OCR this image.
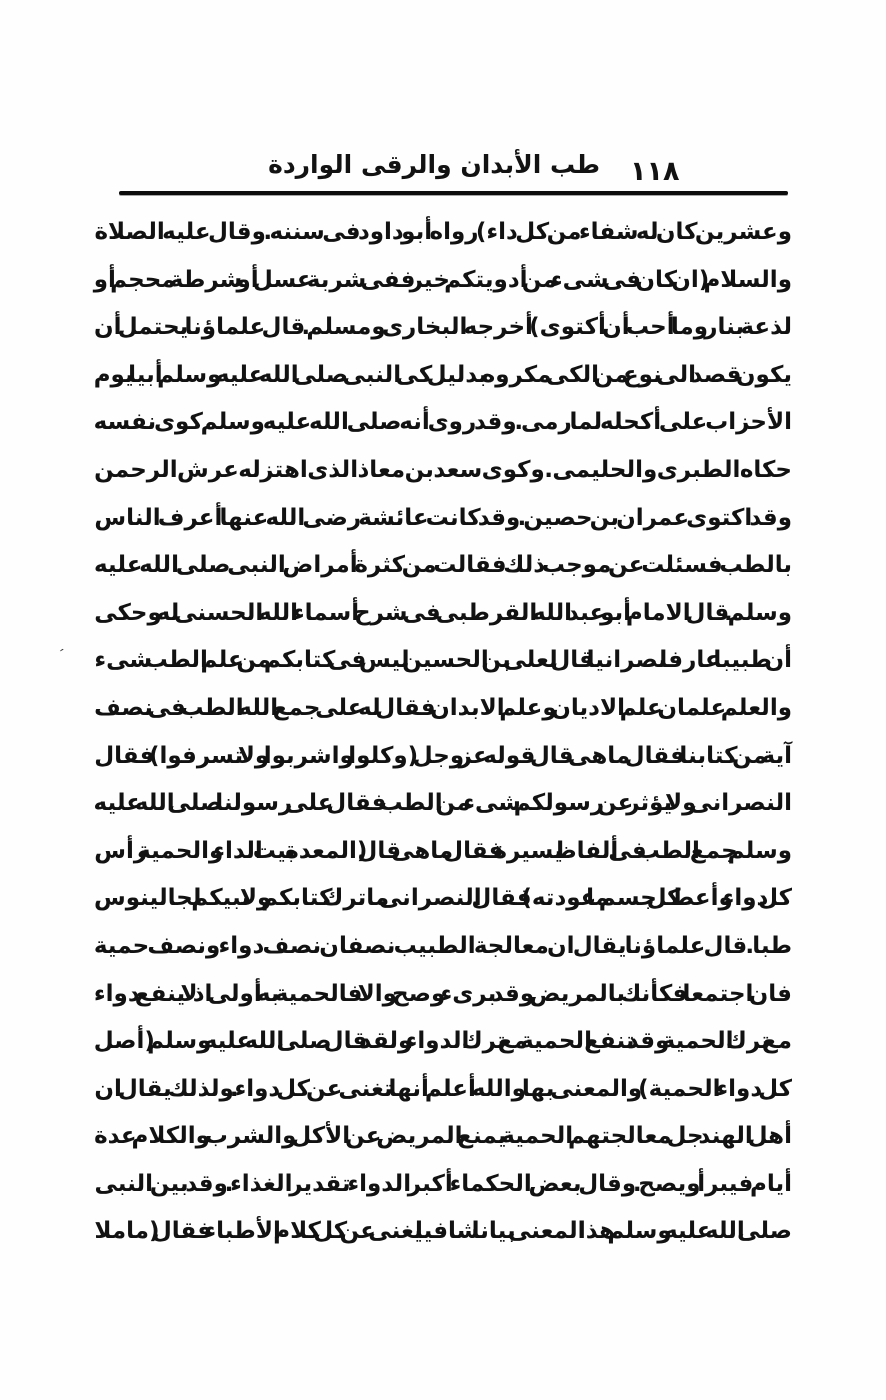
طب الأبدان والرقى الواردة ١١٨
′
وعشرين كان له شفاء من كل داء) رواه أبو داود فى سننه . وقال عليه الصلاة
والسلام (ان كان فى شىء من أدويتكم خير ففى شربة عسل أو شرطة محجم أو
لذعة بنار وما أحب أن أكتوى) أخرجه البخارى ومسلم . قال علماؤنا يحتمل أن
يكون قصد الى نوع من الكى مكروه بدليل كى النبى صلى الله عليه وسلم أبيا يوم
الأحزاب على أكحله لما رمى . وقد روى أنه صلى الله عليه وسلم كوى نفسه
حكاه الطبرى والحليمى . وكوى سعد بن معاذ الذى اهتز له عرش الرحمن
وقد اكتوى عمران بن حصين . وقد كانت عائشة رضى الله عنها أعرف الناس
بالطب فسئلت عن موجب ذلك فقالت من كثرة أمراض النبى صلى الله عليه
وسلم . قال الامام أبو عبد الله القرطبى فى شرح أسماء الله الحسنى له وحكى
أن طبيبا عارفا نصرانيا قال لعلى بن الحسين ليس فى كتابكم من علم الطب شىء
والعلم علمان علم الاديان وعلم الابدان فقال له على جمع الله الطب فى نصف
آية من كتابنا فقال ماهى قال قوله عز وجل (وكلوا واشربوا ولا تسرفوا) فقال
النصرانى ولا يؤثر عن رسولكم شىء من الطب فقال على رسولنا صلى الله عليه
وسلم جمع الطب فى ألفاظ يسيرة فقال ماهى قال (المعدة بيت الداء والحمية رأس
كل دواء وأعط كل جسم ما عودته) فقال النصرانى ماترك كتابكم ولا نبيكم لجالينوس
طبا . قال علماؤنا يقال ان معالجة الطبيب نصفان نصف دواء ونصف حمية
فان اجتمعا فكأنك بالمريض وقد برىء وصح والا فالحمية به أولى اذ لا ينفع دواء
مع ترك الحمية وقد تنفع الحمية مع ترك الدواء . ولقد قال صلى الله عليه وسلم (أصل
كل دواء الحمية) والمعنى بها والله أعلم أنها تغنى عن كل دواء . ولذلك يقال ان
أهل الهند جل معالجتهم الحمية يمنع المريض عن الأكل والشرب والكلام عدة
أيام فيبرأ ويصح . وقال بعض الحكماء أكبر الدواء تقدير الغذاء . وقد بين النبى
صلى الله عليه وسلم هذا المعنى بيانا شافيا يغنى عن كل كلام الأطباء فقال (ماملا
